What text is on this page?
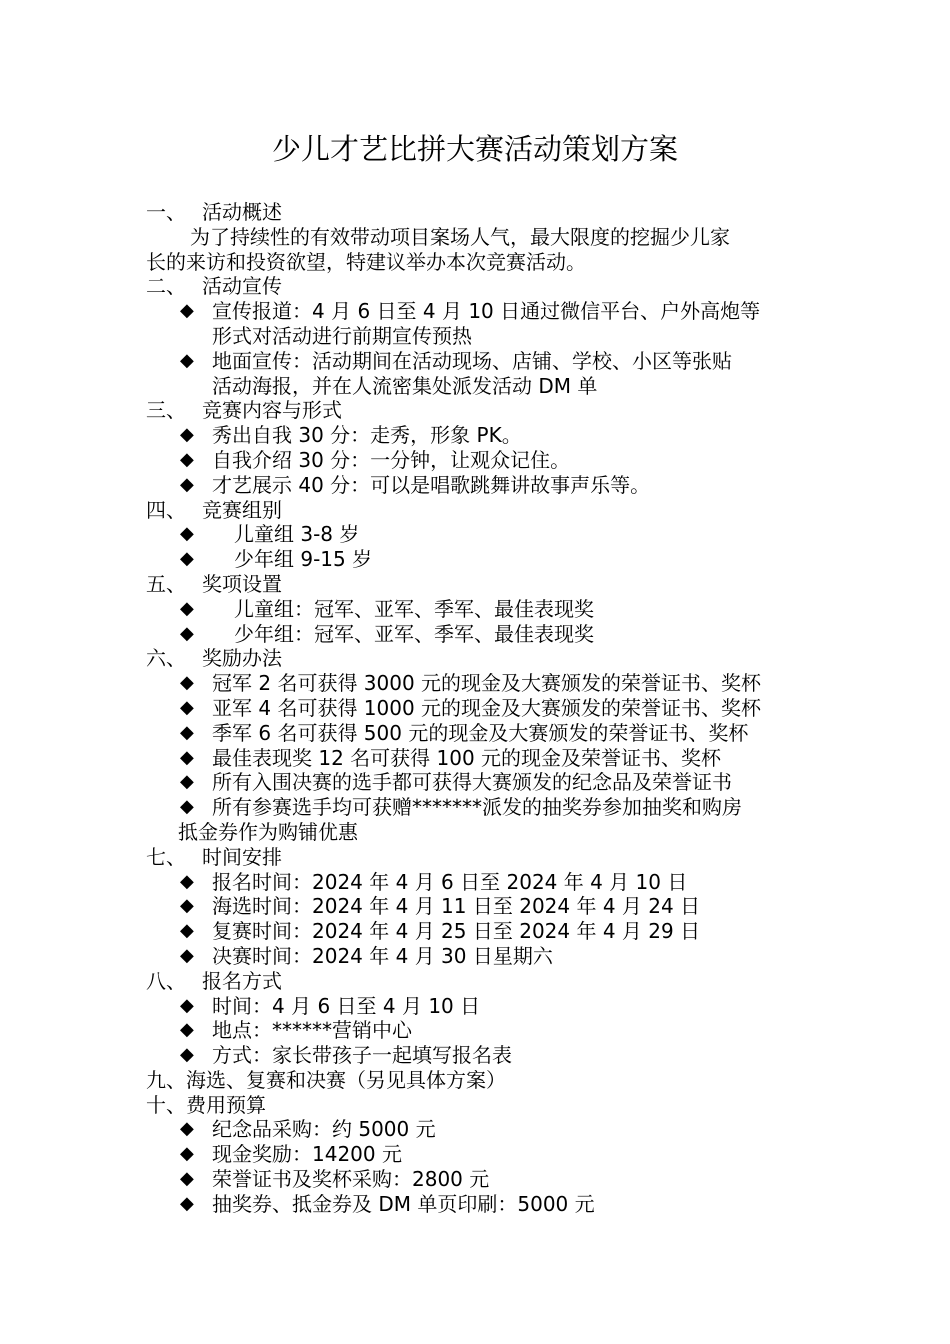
少儿才艺比拼大赛活动策划方案
一、 活动概述
为了持续性的有效带动项目案场人气，最大限度的挖掘少儿家
长的来访和投资欲望，特建议举办本次竞赛活动。
二、 活动宣传
◆ 宣传报道：4 月 6 日至 4 月 10 日通过微信平台、户外高炮等
形式对活动进行前期宣传预热
◆ 地面宣传：活动期间在活动现场、店铺、学校、小区等张贴
活动海报，并在人流密集处派发活动 DM 单
三、 竞赛内容与形式
◆ 秀出自我 30 分：走秀，形象 PK。
◆ 自我介绍 30 分：一分钟，让观众记住。
◆ 才艺展示 40 分：可以是唱歌跳舞讲故事声乐等。
四、 竞赛组别
◆ 儿童组 3-8 岁
◆ 少年组 9-15 岁
五、 奖项设置
◆ 儿童组：冠军、亚军、季军、最佳表现奖
◆ 少年组：冠军、亚军、季军、最佳表现奖
六、 奖励办法
◆ 冠军 2 名可获得 3000 元的现金及大赛颁发的荣誉证书、奖杯
◆ 亚军 4 名可获得 1000 元的现金及大赛颁发的荣誉证书、奖杯
◆ 季军 6 名可获得 500 元的现金及大赛颁发的荣誉证书、奖杯
◆ 最佳表现奖 12 名可获得 100 元的现金及荣誉证书、奖杯
◆ 所有入围决赛的选手都可获得大赛颁发的纪念品及荣誉证书
◆ 所有参赛选手均可获赠*******派发的抽奖券参加抽奖和购房
抵金券作为购铺优惠
七、 时间安排
◆ 报名时间：2024 年 4 月 6 日至 2024 年 4 月 10 日
◆ 海选时间：2024 年 4 月 11 日至 2024 年 4 月 24 日
◆ 复赛时间：2024 年 4 月 25 日至 2024 年 4 月 29 日
◆ 决赛时间：2024 年 4 月 30 日星期六
八、 报名方式
◆ 时间：4 月 6 日至 4 月 10 日
◆ 地点：******营销中心
◆ 方式：家长带孩子一起填写报名表
九、海选、复赛和决赛（另见具体方案）
十、费用预算
◆ 纪念品采购：约 5000 元
◆ 现金奖励：14200 元
◆ 荣誉证书及奖杯采购：2800 元
◆ 抽奖券、抵金券及 DM 单页印刷：5000 元
